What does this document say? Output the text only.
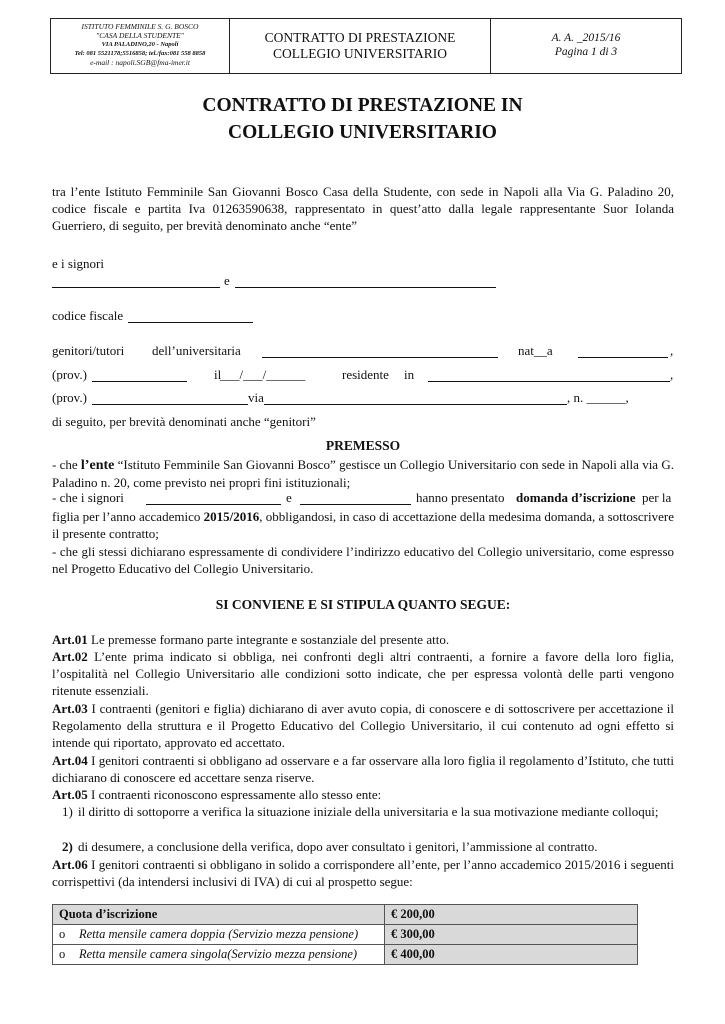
ISTITUTO FEMMINILE S. G. BOSCO
"CASA DELLA STUDENTE"
VIA PALADINO,20 - Napoli
Tel: 081 5521178;5516858; tel./fax:081 558 8858
e-mail : napoli.SGB@fma-imer.it
CONTRATTO DI PRESTAZIONE
COLLEGIO UNIVERSITARIO
A. A. _2015/16
Pagina 1 di 3
CONTRATTO DI PRESTAZIONE IN
COLLEGIO UNIVERSITARIO
tra l’ente Istituto Femminile San Giovanni Bosco Casa della Studente, con sede in Napoli alla Via G. Paladino 20, codice fiscale e partita Iva 01263590638, rappresentato in quest’atto dalla legale rappresentante Suor Iolanda Guerriero, di seguito, per brevità denominato anche “ente”
e i signori
e
codice fiscale
genitori/tutori dell’universitaria	nat__a	,
(prov.)	il
___/___/______	residente in	,
(prov.)	via	, n. ______,
di seguito, per brevità denominati anche “genitori”
PREMESSO
- che l’ente “Istituto Femminile San Giovanni Bosco” gestisce un Collegio Universitario con sede in Napoli alla via G. Paladino n. 20, come previsto nei propri fini istituzionali;
- che i signori	e	hanno presentato domanda d’iscrizione per la
figlia per l’anno accademico 2015/2016, obbligandosi, in caso di accettazione della medesima domanda, a sottoscrivere il presente contratto;
- che gli stessi dichiarano espressamente di condividere l’indirizzo educativo del Collegio universitario, come espresso nel Progetto Educativo del Collegio Universitario.
SI CONVIENE E SI STIPULA QUANTO SEGUE:
Art.01 Le premesse formano parte integrante e sostanziale del presente atto.
Art.02 L’ente prima indicato si obbliga, nei confronti degli altri contraenti, a fornire a favore della loro figlia, l’ospitalità nel Collegio Universitario alle condizioni sotto indicate, che per espressa volontà delle parti vengono ritenute essenziali.
Art.03 I contraenti (genitori e figlia) dichiarano di aver avuto copia, di conoscere e di sottoscrivere per accettazione il Regolamento della struttura e il Progetto Educativo del Collegio Universitario, il cui contenuto ad ogni effetto si intende qui riportato, approvato ed accettato.
Art.04 I genitori contraenti si obbligano ad osservare e a far osservare alla loro figlia il regolamento d’Istituto, che tutti dichiarano di conoscere ed accettare senza riserve.
Art.05 I contraenti riconoscono espressamente allo stesso ente:
1) il diritto di sottoporre a verifica la situazione iniziale della universitaria e la sua motivazione mediante colloqui;
2) di desumere, a conclusione della verifica, dopo aver consultato i genitori, l’ammissione al contratto.
Art.06 I genitori contraenti si obbligano in solido a corrispondere all’ente, per l’anno accademico 2015/2016 i seguenti corrispettivi (da intendersi inclusivi di IVA) di cui al prospetto segue:
Quota d’iscrizione	€ 200,00
o Retta mensile camera doppia (Servizio mezza pensione)	€ 300,00
o Retta mensile camera singola(Servizio mezza pensione)	€ 400,00
